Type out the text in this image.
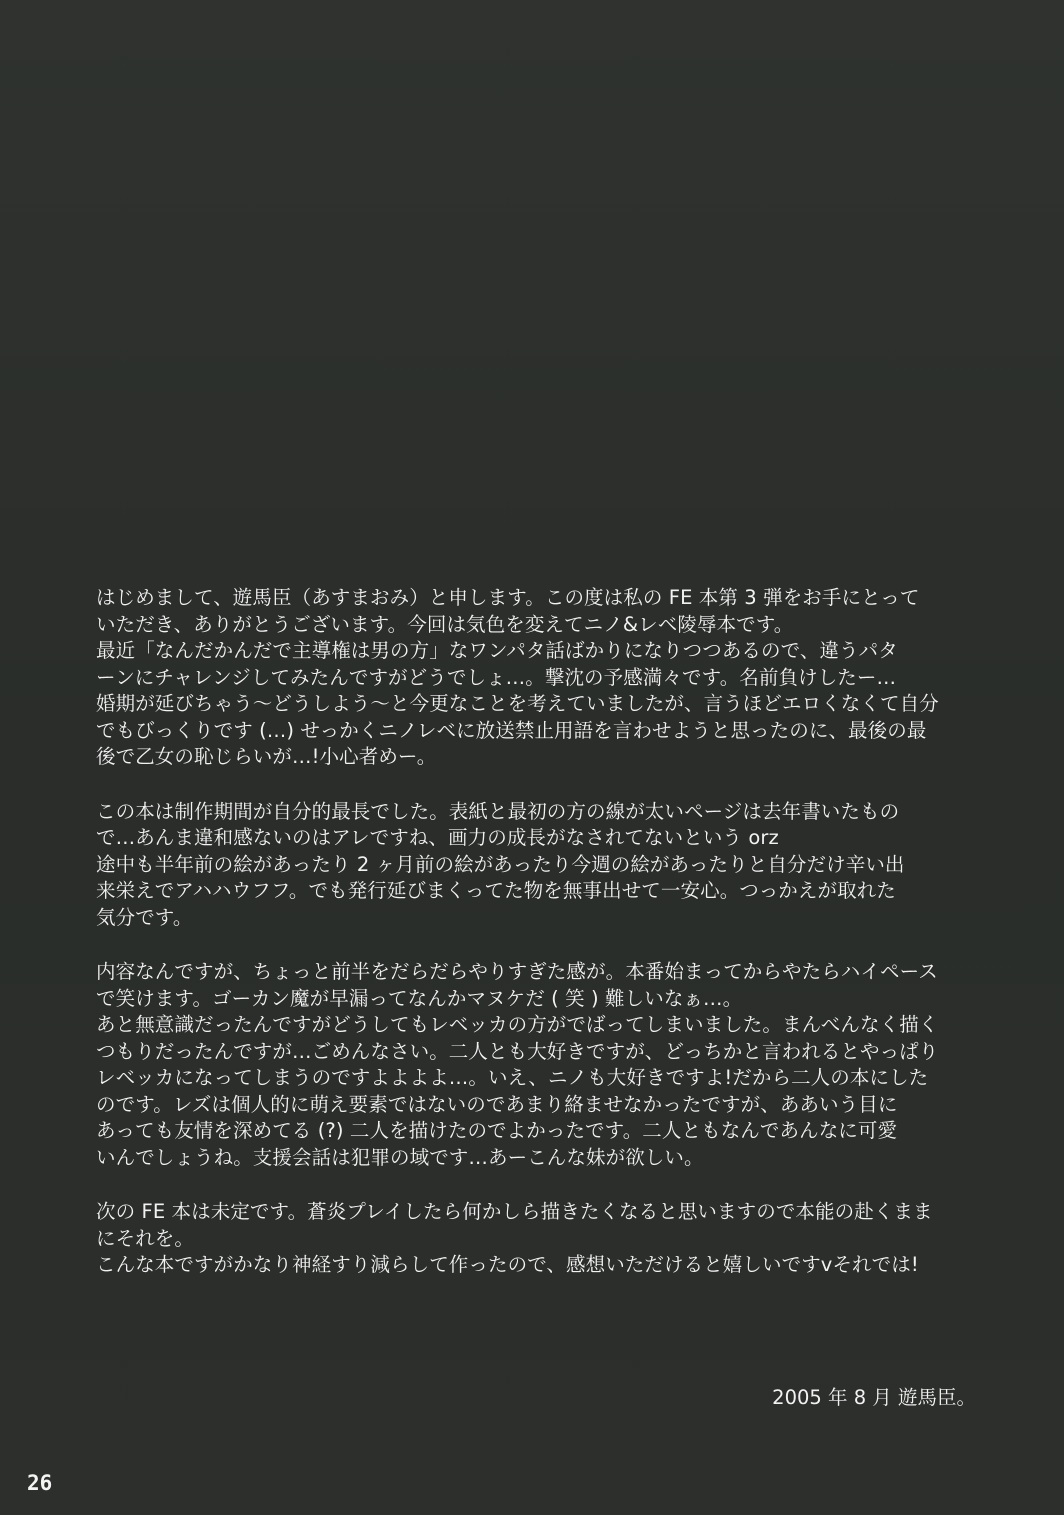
はじめまして、遊馬臣（あすまおみ）と申します。この度は私の FE 本第 3 弾をお手にとって
いただき、ありがとうございます。今回は気色を変えてニノ&レベ陵辱本です。
最近「なんだかんだで主導権は男の方」なワンパタ話ばかりになりつつあるので、違うパタ
ーンにチャレンジしてみたんですがどうでしょ…。撃沈の予感満々です。名前負けしたー…
婚期が延びちゃう～どうしよう～と今更なことを考えていましたが、言うほどエロくなくて自分
でもびっくりです (…) せっかくニノレベに放送禁止用語を言わせようと思ったのに、最後の最
後で乙女の恥じらいが…!小心者めー。
この本は制作期間が自分的最長でした。表紙と最初の方の線が太いページは去年書いたもの
で…あんま違和感ないのはアレですね、画力の成長がなされてないという orz
途中も半年前の絵があったり 2 ヶ月前の絵があったり今週の絵があったりと自分だけ辛い出
来栄えでアハハウフフ。でも発行延びまくってた物を無事出せて一安心。つっかえが取れた
気分です。
内容なんですが、ちょっと前半をだらだらやりすぎた感が。本番始まってからやたらハイペース
で笑けます。ゴーカン魔が早漏ってなんかマヌケだ ( 笑 ) 難しいなぁ…。
あと無意識だったんですがどうしてもレベッカの方がでばってしまいました。まんべんなく描く
つもりだったんですが…ごめんなさい。二人とも大好きですが、どっちかと言われるとやっぱり
レベッカになってしまうのですよよよよ…。いえ、ニノも大好きですよ!だから二人の本にした
のです。レズは個人的に萌え要素ではないのであまり絡ませなかったですが、ああいう目に
あっても友情を深めてる (?) 二人を描けたのでよかったです。二人ともなんであんなに可愛
いんでしょうね。支援会話は犯罪の域です…あーこんな妹が欲しい。
次の FE 本は未定です。蒼炎プレイしたら何かしら描きたくなると思いますので本能の赴くまま
にそれを。
こんな本ですがかなり神経すり減らして作ったので、感想いただけると嬉しいですvそれでは!
2005 年 8 月 遊馬臣。
26
